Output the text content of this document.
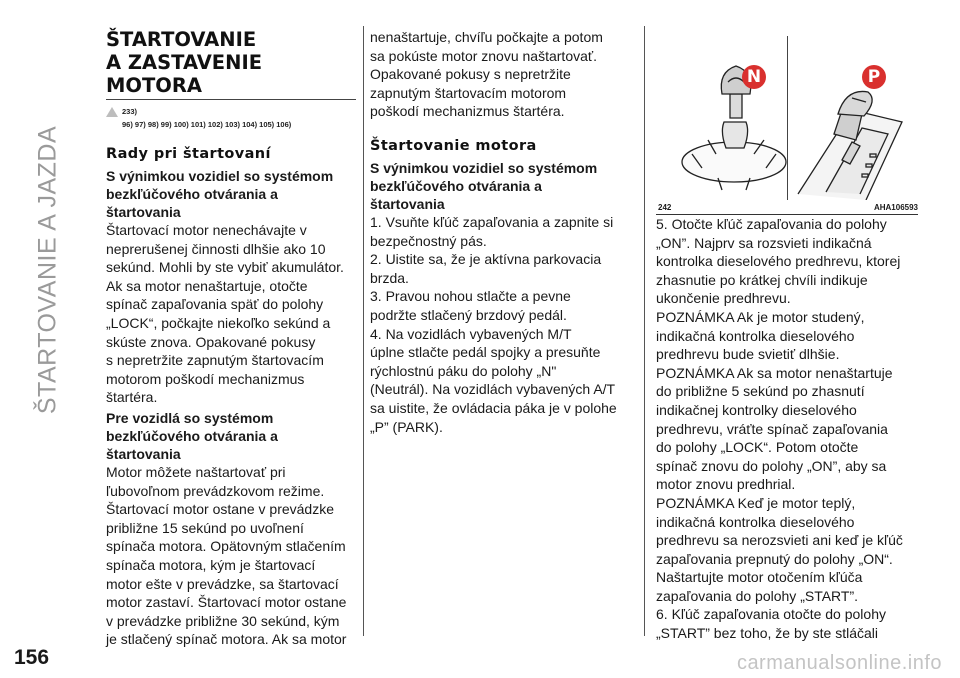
ŠTARTOVANIE A JAZDA
ŠTARTOVANIE
A ZASTAVENIE
MOTORA
233)
96) 97) 98) 99) 100) 101) 102) 103) 104) 105) 106)
Rady pri štartovaní
S výnimkou vozidiel so systémom
bezkľúčového otvárania a
štartovania
Štartovací motor nenechávajte v
neprerušenej činnosti dlhšie ako 10
sekúnd. Mohli by ste vybiť akumulátor.
Ak sa motor nenaštartuje, otočte
spínač zapaľovania späť do polohy
„LOCK“, počkajte niekoľko sekúnd a
skúste znova. Opakované pokusy
s nepretržite zapnutým štartovacím
motorom poškodí mechanizmus
štartéra.
Pre vozidlá so systémom
bezkľúčového otvárania a
štartovania
Motor môžete naštartovať pri
ľubovoľnom prevádzkovom režime.
Štartovací motor ostane v prevádzke
približne 15 sekúnd po uvoľnení
spínača motora. Opätovným stlačením
spínača motora, kým je štartovací
motor ešte v prevádzke, sa štartovací
motor zastaví. Štartovací motor ostane
v prevádzke približne 30 sekúnd, kým
je stlačený spínač motora. Ak sa motor
nenaštartuje, chvíľu počkajte a potom
sa pokúste motor znovu naštartovať.
Opakované pokusy s nepretržite
zapnutým štartovacím motorom
poškodí mechanizmus štartéra.
Štartovanie motora
S výnimkou vozidiel so systémom
bezkľúčového otvárania a
štartovania
1. Vsuňte kľúč zapaľovania a zapnite si
bezpečnostný pás.
2. Uistite sa, že je aktívna parkovacia
brzda.
3. Pravou nohou stlačte a pevne
podržte stlačený brzdový pedál.
4. Na vozidlách vybavených M/T
úplne stlačte pedál spojky a presuňte
rýchlostnú páku do polohy „N"
(Neutrál). Na vozidlách vybavených A/T
sa uistite, že ovládacia páka je v polohe
„P” (PARK).
N	P
242	AHA106593
5. Otočte kľúč zapaľovania do polohy
„ON”. Najprv sa rozsvieti indikačná
kontrolka dieselového predhrevu, ktorej
zhasnutie po krátkej chvíli indikuje
ukončenie predhrevu.
POZNÁMKA Ak je motor studený,
indikačná kontrolka dieselového
predhrevu bude svietiť dlhšie.
POZNÁMKA Ak sa motor nenaštartuje
do približne 5 sekúnd po zhasnutí
indikačnej kontrolky dieselového
predhrevu, vráťte spínač zapaľovania
do polohy „LOCK“. Potom otočte
spínač znovu do polohy „ON”, aby sa
motor znovu predhrial.
POZNÁMKA Keď je motor teplý,
indikačná kontrolka dieselového
predhrevu sa nerozsvieti ani keď je kľúč
zapaľovania prepnutý do polohy „ON“.
Naštartujte motor otočením kľúča
zapaľovania do polohy „START”.
6. Kľúč zapaľovania otočte do polohy
„START” bez toho, že by ste stláčali
156	carmanualsonline.info
